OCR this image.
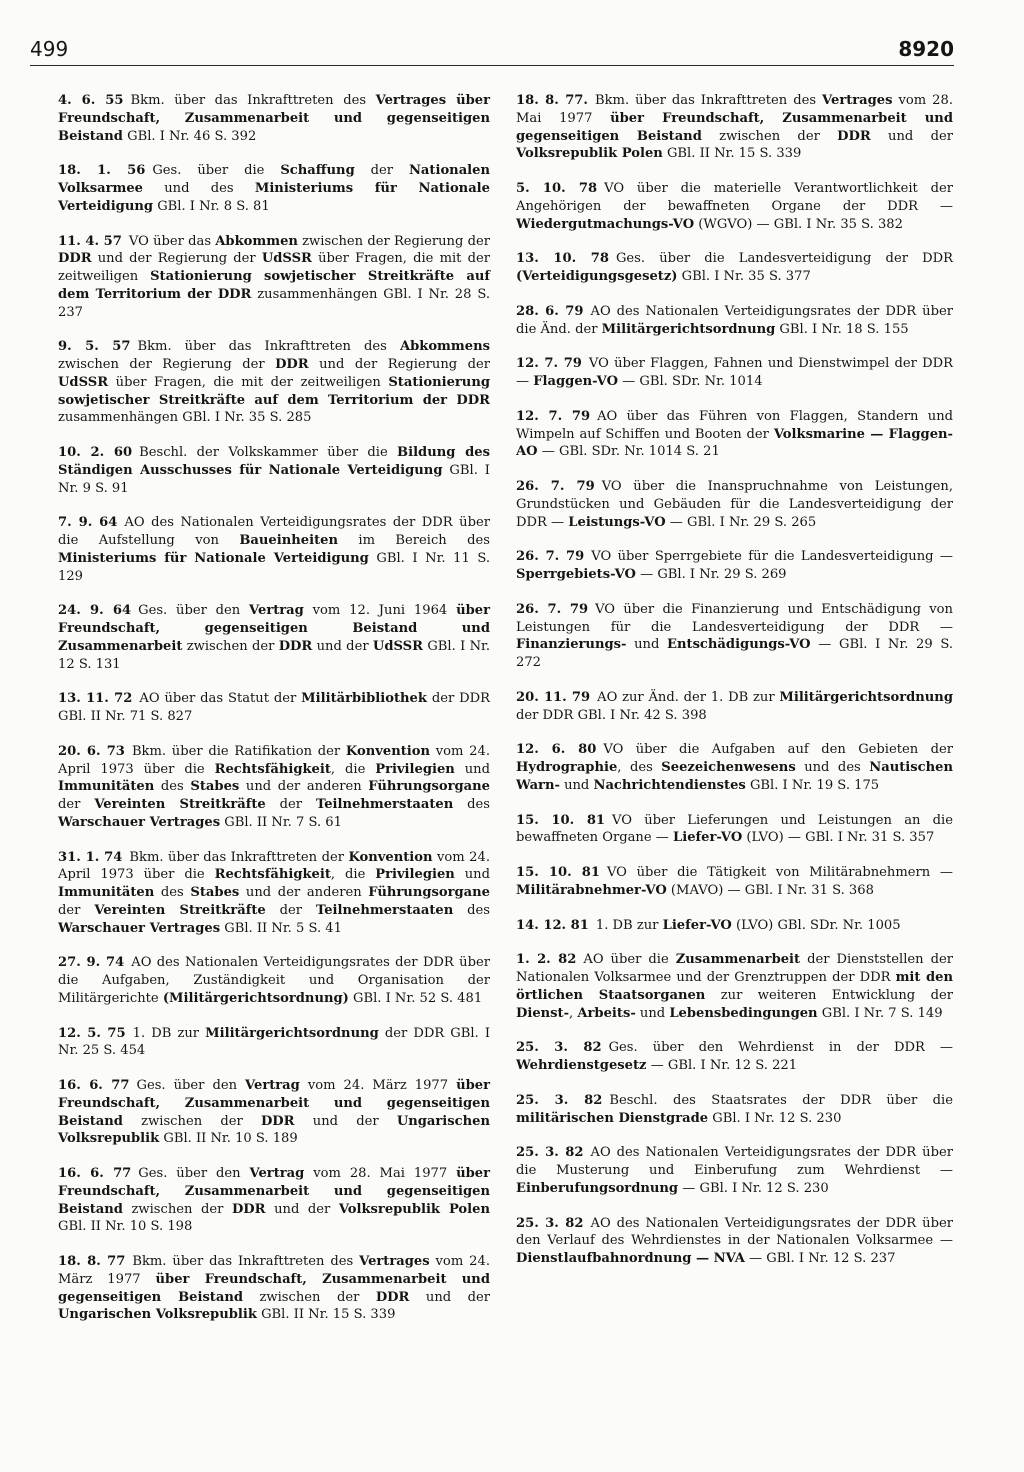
499	8920

4. 6. 55 Bkm. über das Inkrafttreten des Vertrages über Freundschaft, Zusammenarbeit und gegenseitigen Beistand GBl. I Nr. 46 S. 392

18. 1. 56 Ges. über die Schaffung der Nationalen Volksarmee und des Ministeriums für Nationale Verteidigung GBl. I Nr. 8 S. 81

11. 4. 57 VO über das Abkommen zwischen der Regierung der DDR und der Regierung der UdSSR über Fragen, die mit der zeitweiligen Stationierung sowjetischer Streitkräfte auf dem Territorium der DDR zusammenhängen GBl. I Nr. 28 S. 237

9. 5. 57 Bkm. über das Inkrafttreten des Abkommens zwischen der Regierung der DDR und der Regierung der UdSSR über Fragen, die mit der zeitweiligen Stationierung sowjetischer Streitkräfte auf dem Territorium der DDR zusammenhängen GBl. I Nr. 35 S. 285

10. 2. 60 Beschl. der Volkskammer über die Bildung des Ständigen Ausschusses für Nationale Verteidigung GBl. I Nr. 9 S. 91

7. 9. 64 AO des Nationalen Verteidigungsrates der DDR über die Aufstellung von Baueinheiten im Bereich des Ministeriums für Nationale Verteidigung GBl. I Nr. 11 S. 129

24. 9. 64 Ges. über den Vertrag vom 12. Juni 1964 über Freundschaft, gegenseitigen Beistand und Zusammenarbeit zwischen der DDR und der UdSSR GBl. I Nr. 12 S. 131

13. 11. 72 AO über das Statut der Militärbibliothek der DDR GBl. II Nr. 71 S. 827

20. 6. 73 Bkm. über die Ratifikation der Konvention vom 24. April 1973 über die Rechtsfähigkeit, die Privilegien und Immunitäten des Stabes und der anderen Führungsorgane der Vereinten Streitkräfte der Teilnehmerstaaten des Warschauer Vertrages GBl. II Nr. 7 S. 61

31. 1. 74 Bkm. über das Inkrafttreten der Konvention vom 24. April 1973 über die Rechtsfähigkeit, die Privilegien und Immunitäten des Stabes und der anderen Führungsorgane der Vereinten Streitkräfte der Teilnehmerstaaten des Warschauer Vertrages GBl. II Nr. 5 S. 41

27. 9. 74 AO des Nationalen Verteidigungsrates der DDR über die Aufgaben, Zuständigkeit und Organisation der Militärgerichte (Militärgerichtsordnung) GBl. I Nr. 52 S. 481

12. 5. 75 1. DB zur Militärgerichtsordnung der DDR GBl. I Nr. 25 S. 454

16. 6. 77 Ges. über den Vertrag vom 24. März 1977 über Freundschaft, Zusammenarbeit und gegenseitigen Beistand zwischen der DDR und der Ungarischen Volksrepublik GBl. II Nr. 10 S. 189

16. 6. 77 Ges. über den Vertrag vom 28. Mai 1977 über Freundschaft, Zusammenarbeit und gegenseitigen Beistand zwischen der DDR und der Volksrepublik Polen GBl. II Nr. 10 S. 198

18. 8. 77 Bkm. über das Inkrafttreten des Vertrages vom 24. März 1977 über Freundschaft, Zusammenarbeit und gegenseitigen Beistand zwischen der DDR und der Ungarischen Volksrepublik GBl. II Nr. 15 S. 339

18. 8. 77. Bkm. über das Inkrafttreten des Vertrages vom 28. Mai 1977 über Freundschaft, Zusammenarbeit und gegenseitigen Beistand zwischen der DDR und der Volksrepublik Polen GBl. II Nr. 15 S. 339

5. 10. 78 VO über die materielle Verantwortlichkeit der Angehörigen der bewaffneten Organe der DDR — Wiedergutmachungs-VO (WGVO) — GBl. I Nr. 35 S. 382

13. 10. 78 Ges. über die Landesverteidigung der DDR (Verteidigungsgesetz) GBl. I Nr. 35 S. 377

28. 6. 79 AO des Nationalen Verteidigungsrates der DDR über die Änd. der Militärgerichtsordnung GBl. I Nr. 18 S. 155

12. 7. 79 VO über Flaggen, Fahnen und Dienstwimpel der DDR — Flaggen-VO — GBl. SDr. Nr. 1014

12. 7. 79 AO über das Führen von Flaggen, Standern und Wimpeln auf Schiffen und Booten der Volksmarine — Flaggen-AO — GBl. SDr. Nr. 1014 S. 21

26. 7. 79 VO über die Inanspruchnahme von Leistungen, Grundstücken und Gebäuden für die Landesverteidigung der DDR — Leistungs-VO — GBl. I Nr. 29 S. 265

26. 7. 79 VO über Sperrgebiete für die Landesverteidigung — Sperrgebiets-VO — GBl. I Nr. 29 S. 269

26. 7. 79 VO über die Finanzierung und Entschädigung von Leistungen für die Landesverteidigung der DDR — Finanzierungs- und Entschädigungs-VO — GBl. I Nr. 29 S. 272

20. 11. 79 AO zur Änd. der 1. DB zur Militärgerichtsordnung der DDR GBl. I Nr. 42 S. 398

12. 6. 80 VO über die Aufgaben auf den Gebieten der Hydrographie, des Seezeichenwesens und des Nautischen Warn- und Nachrichtendienstes GBl. I Nr. 19 S. 175

15. 10. 81 VO über Lieferungen und Leistungen an die bewaffneten Organe — Liefer-VO (LVO) — GBl. I Nr. 31 S. 357

15. 10. 81 VO über die Tätigkeit von Militärabnehmern — Militärabnehmer-VO (MAVO) — GBl. I Nr. 31 S. 368

14. 12. 81 1. DB zur Liefer-VO (LVO) GBl. SDr. Nr. 1005

1. 2. 82 AO über die Zusammenarbeit der Dienststellen der Nationalen Volksarmee und der Grenztruppen der DDR mit den örtlichen Staatsorganen zur weiteren Entwicklung der Dienst-, Arbeits- und Lebensbedingungen GBl. I Nr. 7 S. 149

25. 3. 82 Ges. über den Wehrdienst in der DDR — Wehrdienstgesetz — GBl. I Nr. 12 S. 221

25. 3. 82 Beschl. des Staatsrates der DDR über die militärischen Dienstgrade GBl. I Nr. 12 S. 230

25. 3. 82 AO des Nationalen Verteidigungsrates der DDR über die Musterung und Einberufung zum Wehrdienst — Einberufungsordnung — GBl. I Nr. 12 S. 230

25. 3. 82 AO des Nationalen Verteidigungsrates der DDR über den Verlauf des Wehrdienstes in der Nationalen Volksarmee — Dienstlaufbahnordnung — NVA — GBl. I Nr. 12 S. 237
